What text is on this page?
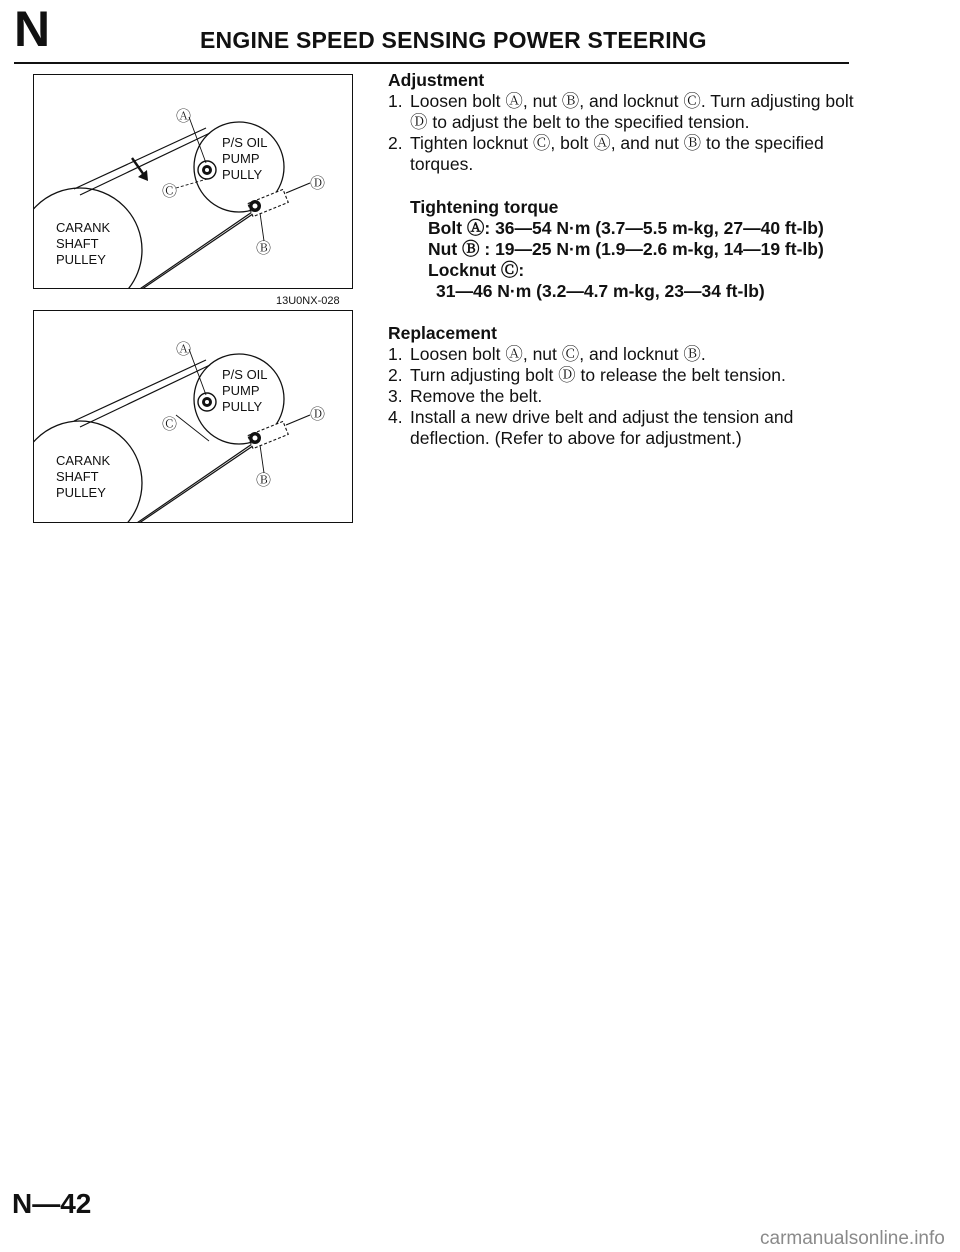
N	ENGINE SPEED SENSING POWER STEERING
Ⓐ
Ⓒ	Ⓓ
Ⓑ
P/S OIL
PUMP
PULLY
CARANK
SHAFT
PULLEY
13U0NX-028
Ⓐ
Ⓒ
Ⓓ
Ⓑ
P/S OIL
PUMP
PULLY
CARANK
SHAFT
PULLEY
Adjustment
1. Loosen bolt Ⓐ, nut Ⓑ, and locknut Ⓒ. Turn adjusting bolt Ⓓ to adjust the belt to the specified tension.
2. Tighten locknut Ⓒ, bolt Ⓐ, and nut Ⓑ to the specified torques.
Tightening torque
Bolt Ⓐ: 36—54 N·m (3.7—5.5 m-kg, 27—40 ft-lb)
Nut Ⓑ : 19—25 N·m (1.9—2.6 m-kg, 14—19 ft-lb)
Locknut Ⓒ:
31—46 N·m (3.2—4.7 m-kg, 23—34 ft-lb)
Replacement
1. Loosen bolt Ⓐ, nut Ⓒ, and locknut Ⓑ.
2. Turn adjusting bolt Ⓓ to release the belt tension.
3. Remove the belt.
4. Install a new drive belt and adjust the tension and deflection. (Refer to above for adjustment.)
N—42
carmanualsonline.info
